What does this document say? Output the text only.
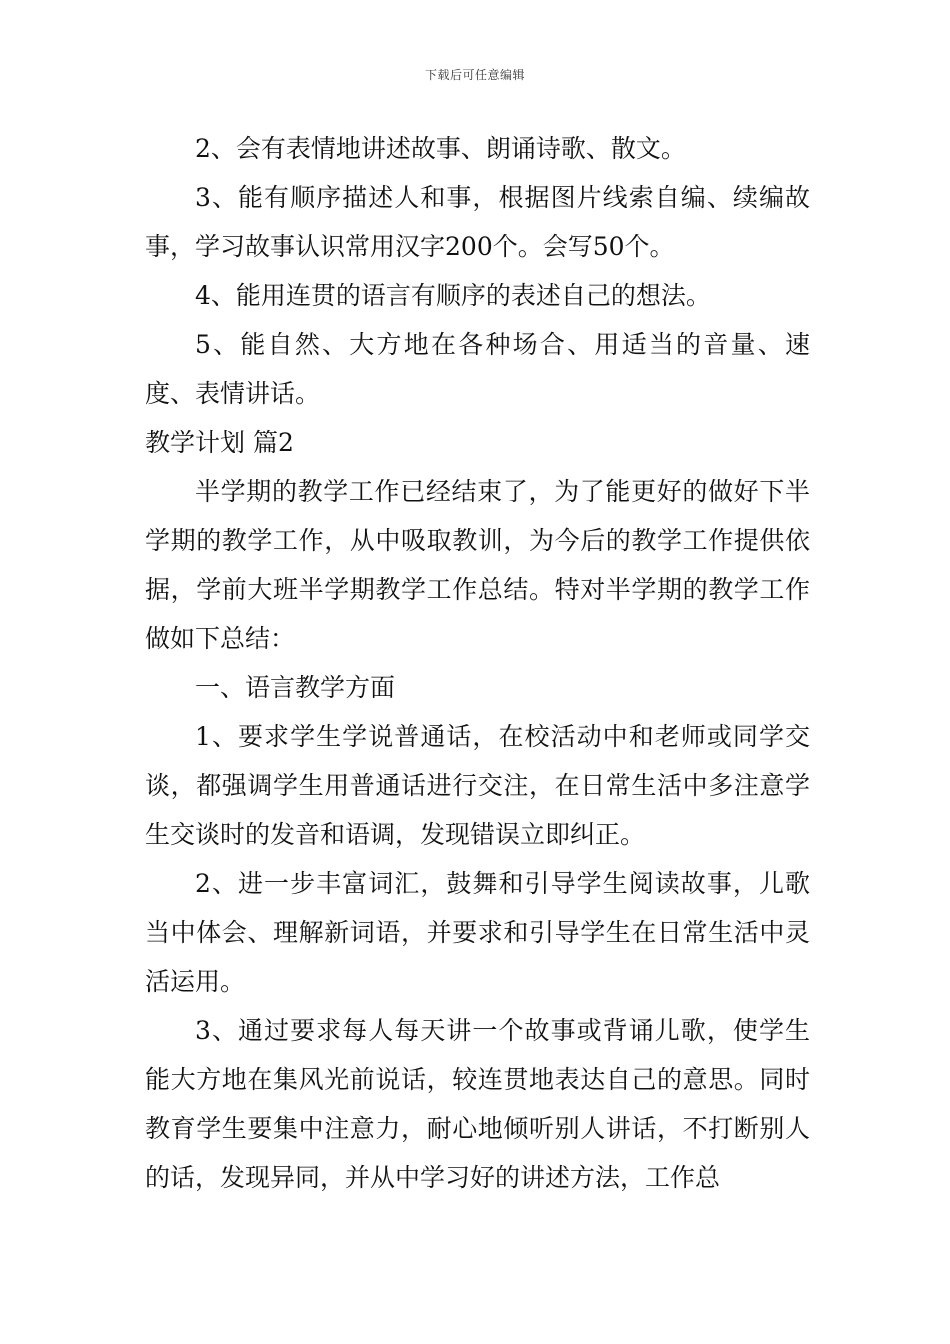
下载后可任意编辑

2、会有表情地讲述故事、朗诵诗歌、散文。

3、能有顺序描述人和事，根据图片线索自编、续编故事，学习故事认识常用汉字200个。会写50个。

4、能用连贯的语言有顺序的表述自己的想法。

5、能自然、大方地在各种场合、用适当的音量、速度、表情讲话。

教学计划 篇2

半学期的教学工作已经结束了，为了能更好的做好下半学期的教学工作，从中吸取教训，为今后的教学工作提供依据，学前大班半学期教学工作总结。特对半学期的教学工作做如下总结：

一、语言教学方面

1、要求学生学说普通话，在校活动中和老师或同学交谈，都强调学生用普通话进行交注，在日常生活中多注意学生交谈时的发音和语调，发现错误立即纠正。

2、进一步丰富词汇，鼓舞和引导学生阅读故事，儿歌当中体会、理解新词语，并要求和引导学生在日常生活中灵活运用。

3、通过要求每人每天讲一个故事或背诵儿歌，使学生能大方地在集风光前说话，较连贯地表达自己的意思。同时教育学生要集中注意力，耐心地倾听别人讲话，不打断别人的话，发现异同，并从中学习好的讲述方法，工作总
